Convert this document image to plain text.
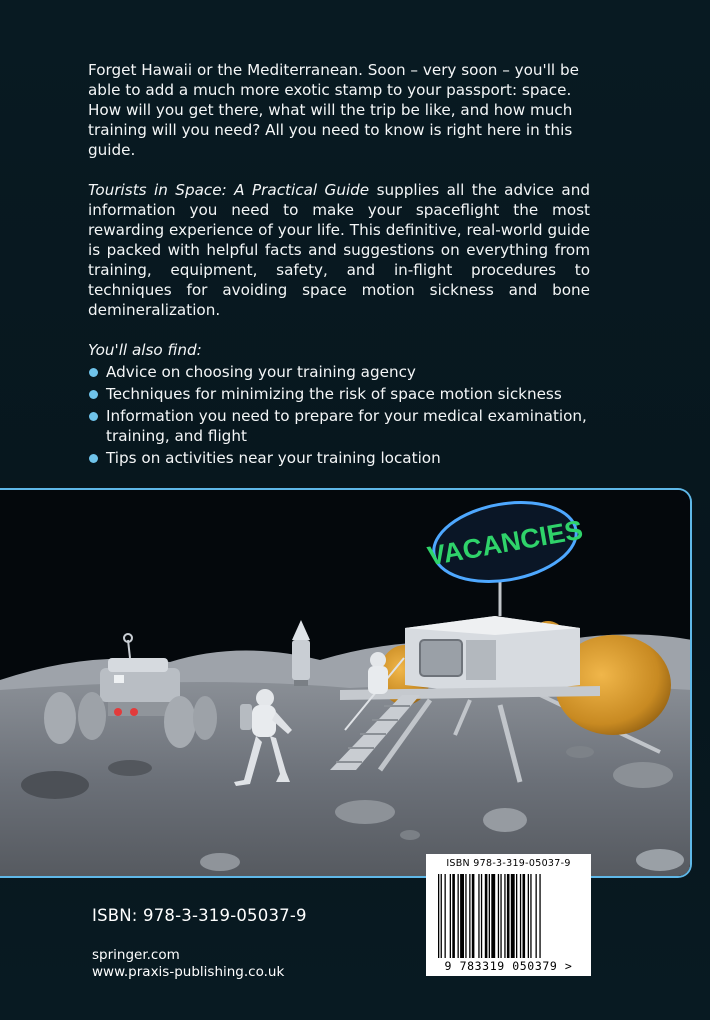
Forget Hawaii or the Mediterranean. Soon – very soon – you'll be able to add a much more exotic stamp to your passport: space. How will you get there, what will the trip be like, and how much training will you need? All you need to know is right here in this guide.

Tourists in Space: A Practical Guide supplies all the advice and information you need to make your spaceflight the most rewarding experience of your life. This definitive, real-world guide is packed with helpful facts and suggestions on everything from training, equipment, safety, and in-flight procedures to techniques for avoiding space motion sickness and bone demineralization.

You'll also find:
Advice on choosing your training agency
Techniques for minimizing the risk of space motion sickness
Information you need to prepare for your medical examination, training, and flight
Tips on activities near your training location

VACANCIES
ISBN: 978-3-319-05037-9
springer.com
www.praxis-publishing.co.uk
ISBN 978-3-319-05037-9
9 783319 050379 >
